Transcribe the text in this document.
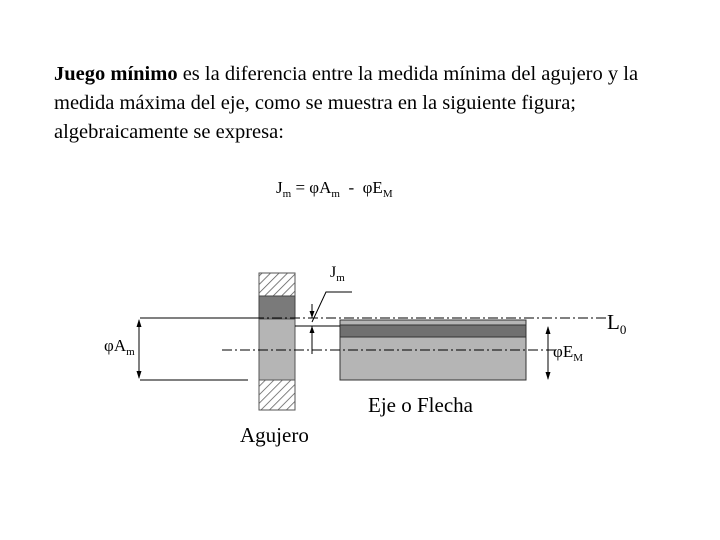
Juego mínimo es la diferencia entre la medida mínima del agujero y la medida máxima del eje, como se muestra en la siguiente figura; algebraicamente se expresa:
$J_m = \varphi A_m - \varphi E_M$
$J_m$
$L_0$
$\varphi A_m$	$\varphi E_M$
Eje o Flecha
Agujero
